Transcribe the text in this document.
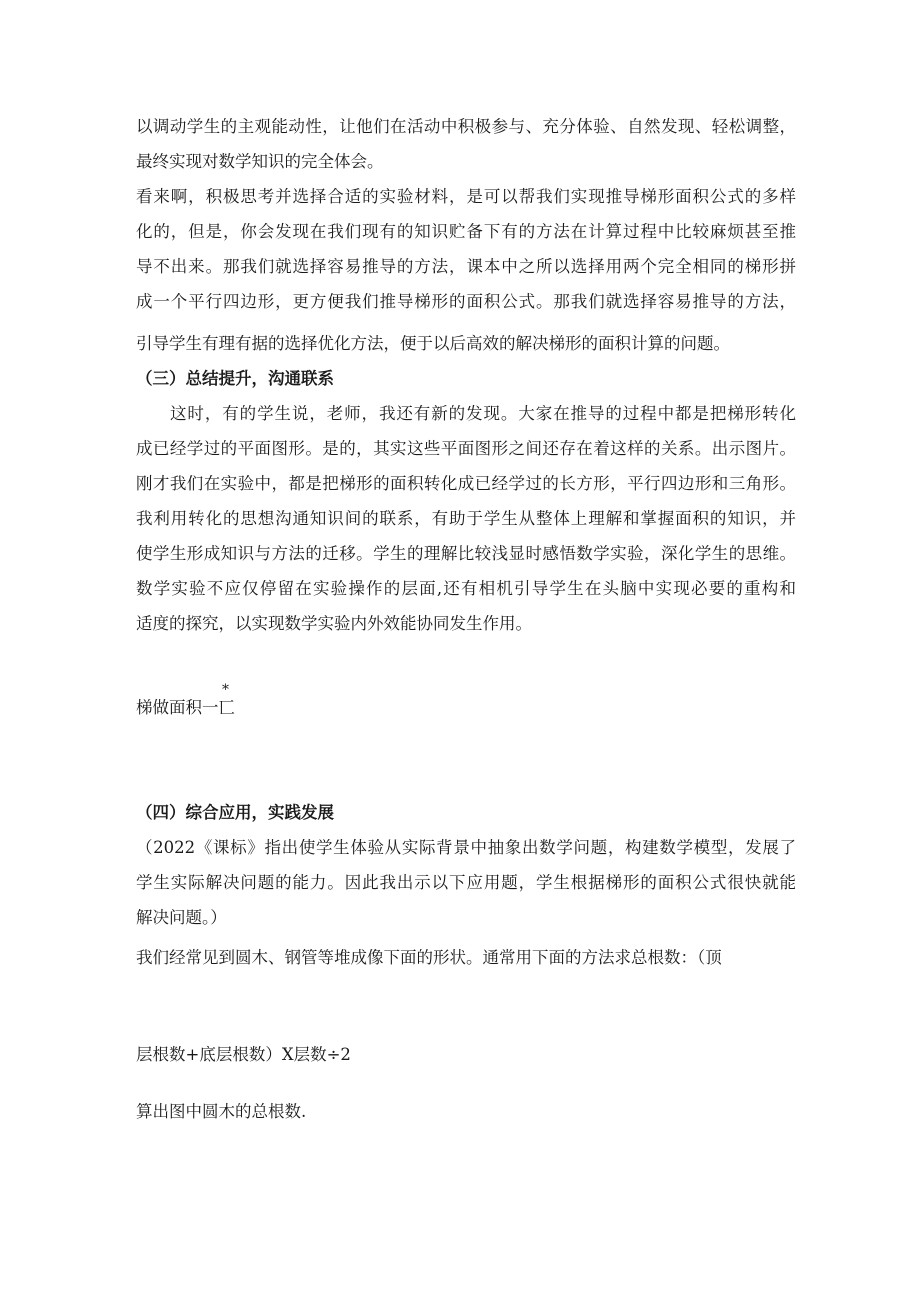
以调动学生的主观能动性，让他们在活动中积极参与、充分体验、自然发现、轻松调整，

最终实现对数学知识的完全体会。

看来啊，积极思考并选择合适的实验材料，是可以帮我们实现推导梯形面积公式的多样

化的，但是，你会发现在我们现有的知识贮备下有的方法在计算过程中比较麻烦甚至推

导不出来。那我们就选择容易推导的方法，课本中之所以选择用两个完全相同的梯形拼

成一个平行四边形，更方便我们推导梯形的面积公式。那我们就选择容易推导的方法，

引导学生有理有据的选择优化方法，便于以后高效的解决梯形的面积计算的问题。

（三）总结提升，沟通联系

这时，有的学生说，老师，我还有新的发现。大家在推导的过程中都是把梯形转化

成已经学过的平面图形。是的，其实这些平面图形之间还存在着这样的关系。出示图片。

刚才我们在实验中，都是把梯形的面积转化成已经学过的长方形，平行四边形和三角形。

我利用转化的思想沟通知识间的联系，有助于学生从整体上理解和掌握面积的知识，并

使学生形成知识与方法的迁移。学生的理解比较浅显时感悟数学实验，深化学生的思维。

数学实验不应仅停留在实验操作的层面,还有相机引导学生在头脑中实现必要的重构和

适度的探究，以实现数学实验内外效能协同发生作用。

*

梯做面积一匸

（四）综合应用，实践发展

（2022《课标》指出使学生体验从实际背景中抽象出数学问题，构建数学模型，发展了

学生实际解决问题的能力。因此我出示以下应用题，学生根据梯形的面积公式很快就能

解决问题。）

我们经常见到圆木、钢管等堆成像下面的形状。通常用下面的方法求总根数：（顶

层根数+底层根数）X层数÷2

算出图中圆木的总根数.
